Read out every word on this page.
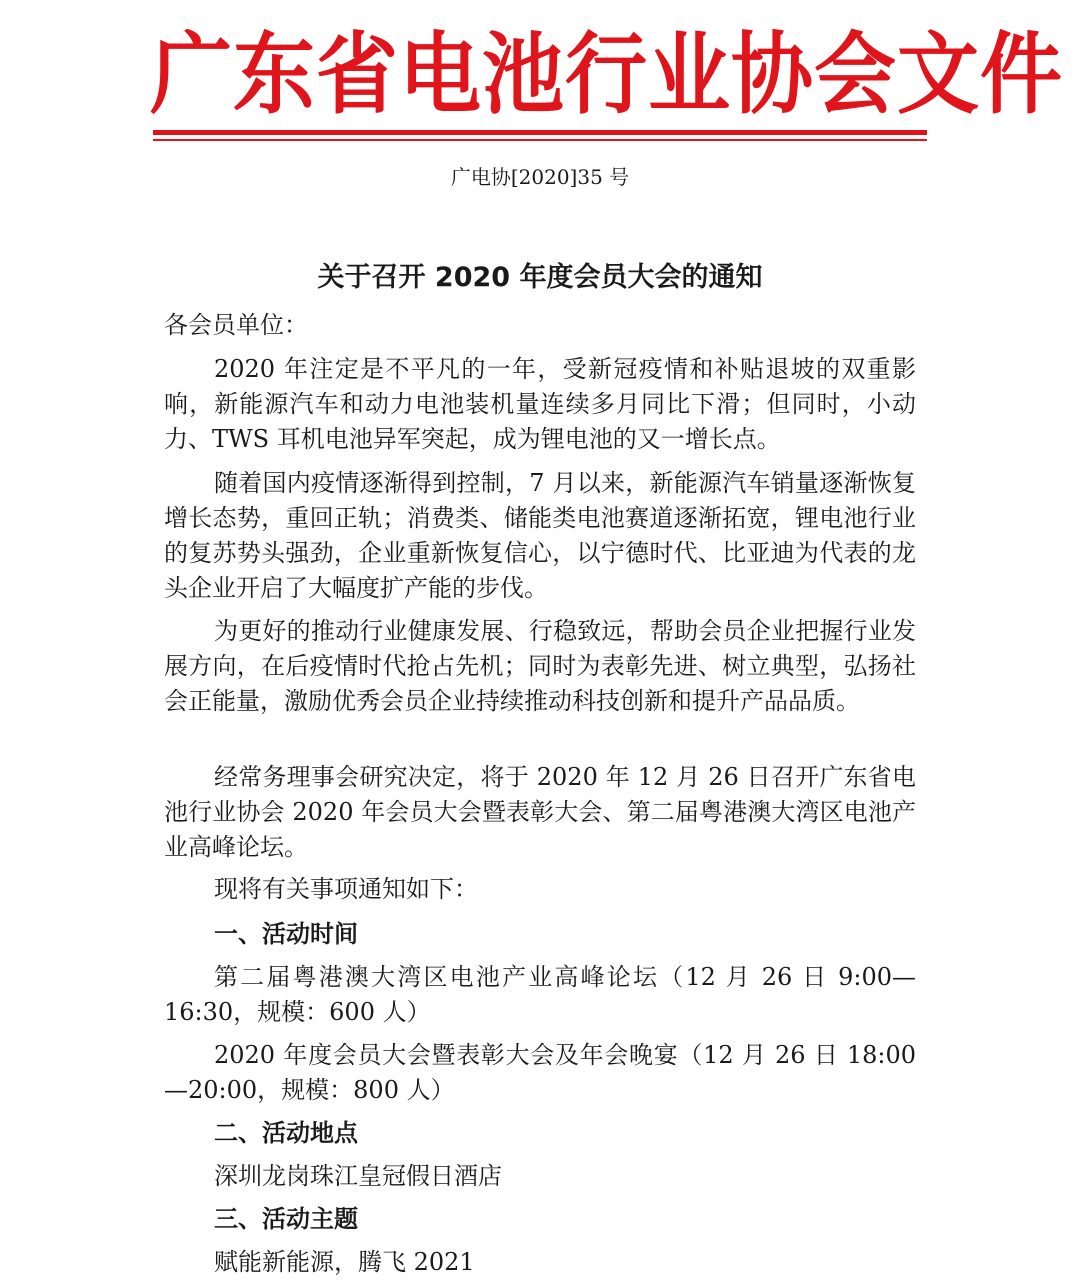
广东省电池行业协会文件
广电协[2020]35 号
关于召开 2020 年度会员大会的通知
各会员单位：

2020 年注定是不平凡的一年，受新冠疫情和补贴退坡的双重影响，新能源汽车和动力电池装机量连续多月同比下滑；但同时，小动力、TWS 耳机电池异军突起，成为锂电池的又一增长点。

随着国内疫情逐渐得到控制，7 月以来，新能源汽车销量逐渐恢复增长态势，重回正轨；消费类、储能类电池赛道逐渐拓宽，锂电池行业的复苏势头强劲，企业重新恢复信心，以宁德时代、比亚迪为代表的龙头企业开启了大幅度扩产能的步伐。

为更好的推动行业健康发展、行稳致远，帮助会员企业把握行业发展方向，在后疫情时代抢占先机；同时为表彰先进、树立典型，弘扬社会正能量，激励优秀会员企业持续推动科技创新和提升产品品质。

经常务理事会研究决定，将于 2020 年 12 月 26 日召开广东省电池行业协会 2020 年会员大会暨表彰大会、第二届粤港澳大湾区电池产业高峰论坛。

现将有关事项通知如下：
一、活动时间

第二届粤港澳大湾区电池产业高峰论坛（12 月 26 日 9:00—16:30，规模：600 人）

2020 年度会员大会暨表彰大会及年会晚宴（12 月 26 日 18:00—20:00，规模：800 人）

二、活动地点
深圳龙岗珠江皇冠假日酒店
三、活动主题
赋能新能源，腾飞 2021
